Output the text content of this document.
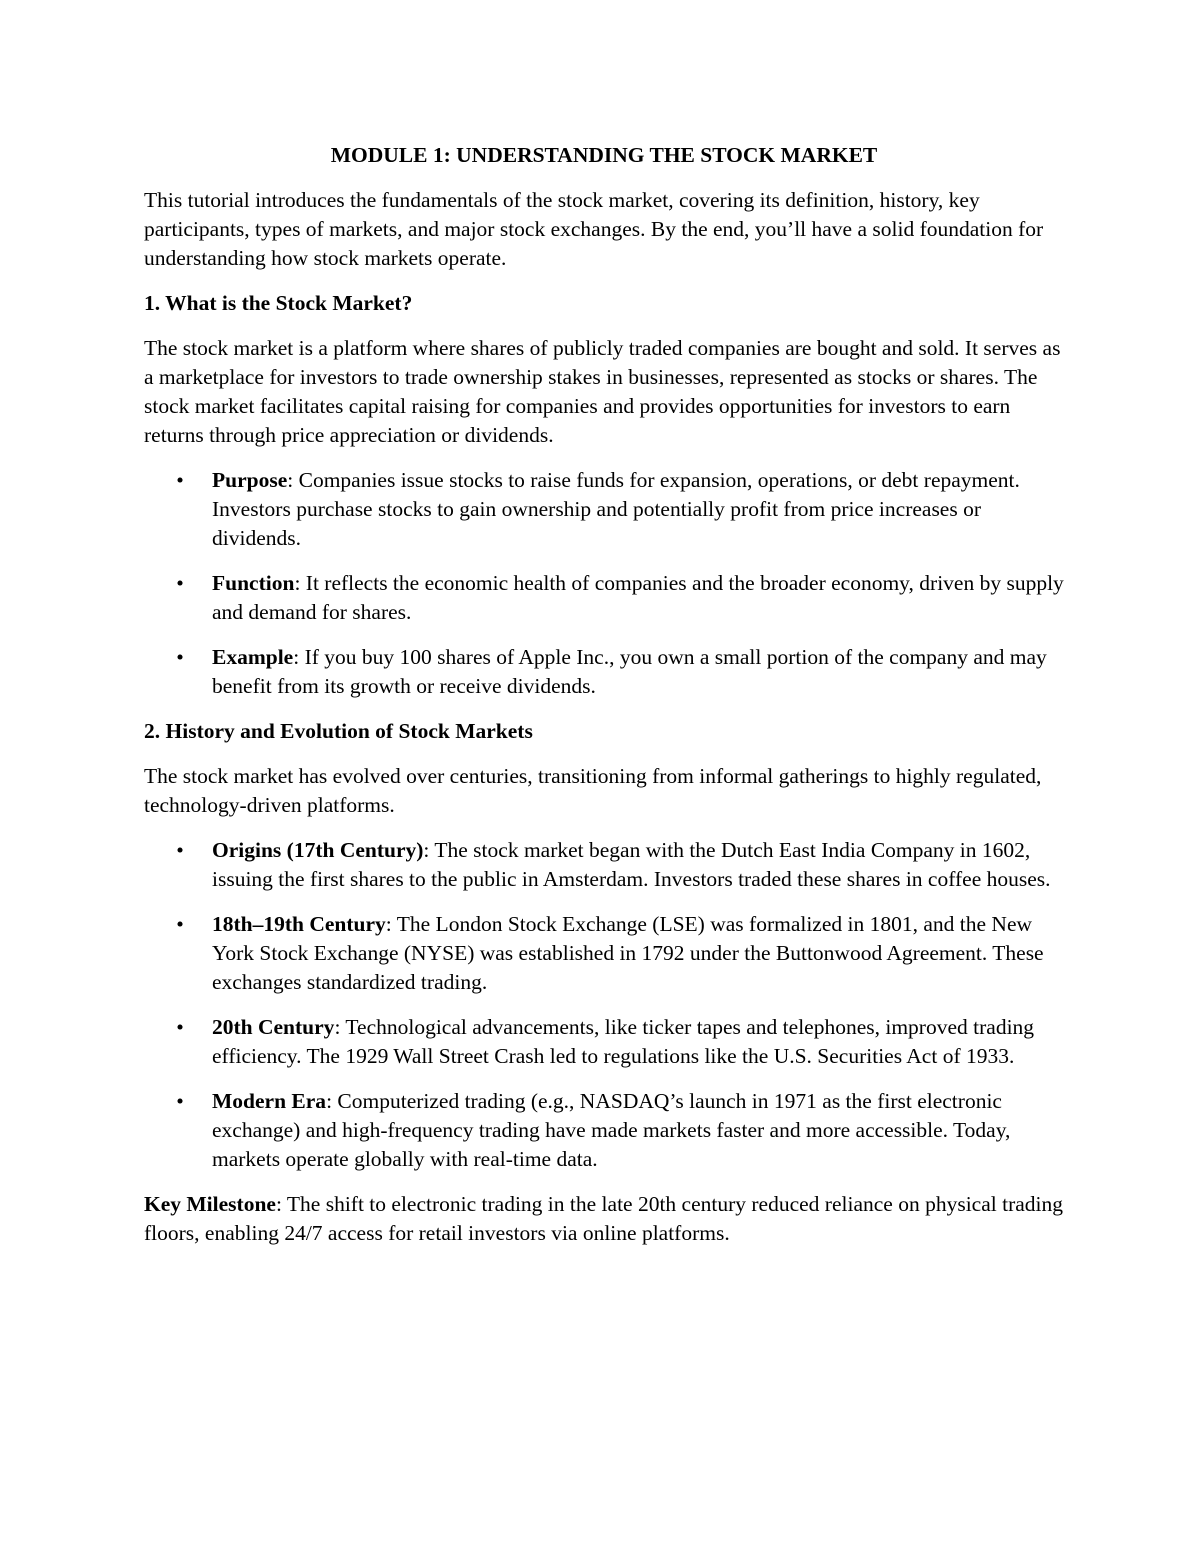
MODULE 1: UNDERSTANDING THE STOCK MARKET

This tutorial introduces the fundamentals of the stock market, covering its definition, history, key participants, types of markets, and major stock exchanges. By the end, you’ll have a solid foundation for understanding how stock markets operate.

1. What is the Stock Market?

The stock market is a platform where shares of publicly traded companies are bought and sold. It serves as a marketplace for investors to trade ownership stakes in businesses, represented as stocks or shares. The stock market facilitates capital raising for companies and provides opportunities for investors to earn returns through price appreciation or dividends.

• Purpose: Companies issue stocks to raise funds for expansion, operations, or debt repayment. Investors purchase stocks to gain ownership and potentially profit from price increases or dividends.
• Function: It reflects the economic health of companies and the broader economy, driven by supply and demand for shares.
• Example: If you buy 100 shares of Apple Inc., you own a small portion of the company and may benefit from its growth or receive dividends.
2. History and Evolution of Stock Markets

The stock market has evolved over centuries, transitioning from informal gatherings to highly regulated, technology-driven platforms.

• Origins (17th Century): The stock market began with the Dutch East India Company in 1602, issuing the first shares to the public in Amsterdam. Investors traded these shares in coffee houses.
• 18th–19th Century: The London Stock Exchange (LSE) was formalized in 1801, and the New York Stock Exchange (NYSE) was established in 1792 under the Buttonwood Agreement. These exchanges standardized trading.
• 20th Century: Technological advancements, like ticker tapes and telephones, improved trading efficiency. The 1929 Wall Street Crash led to regulations like the U.S. Securities Act of 1933.
• Modern Era: Computerized trading (e.g., NASDAQ’s launch in 1971 as the first electronic exchange) and high-frequency trading have made markets faster and more accessible. Today, markets operate globally with real-time data.

Key Milestone: The shift to electronic trading in the late 20th century reduced reliance on physical trading floors, enabling 24/7 access for retail investors via online platforms.
